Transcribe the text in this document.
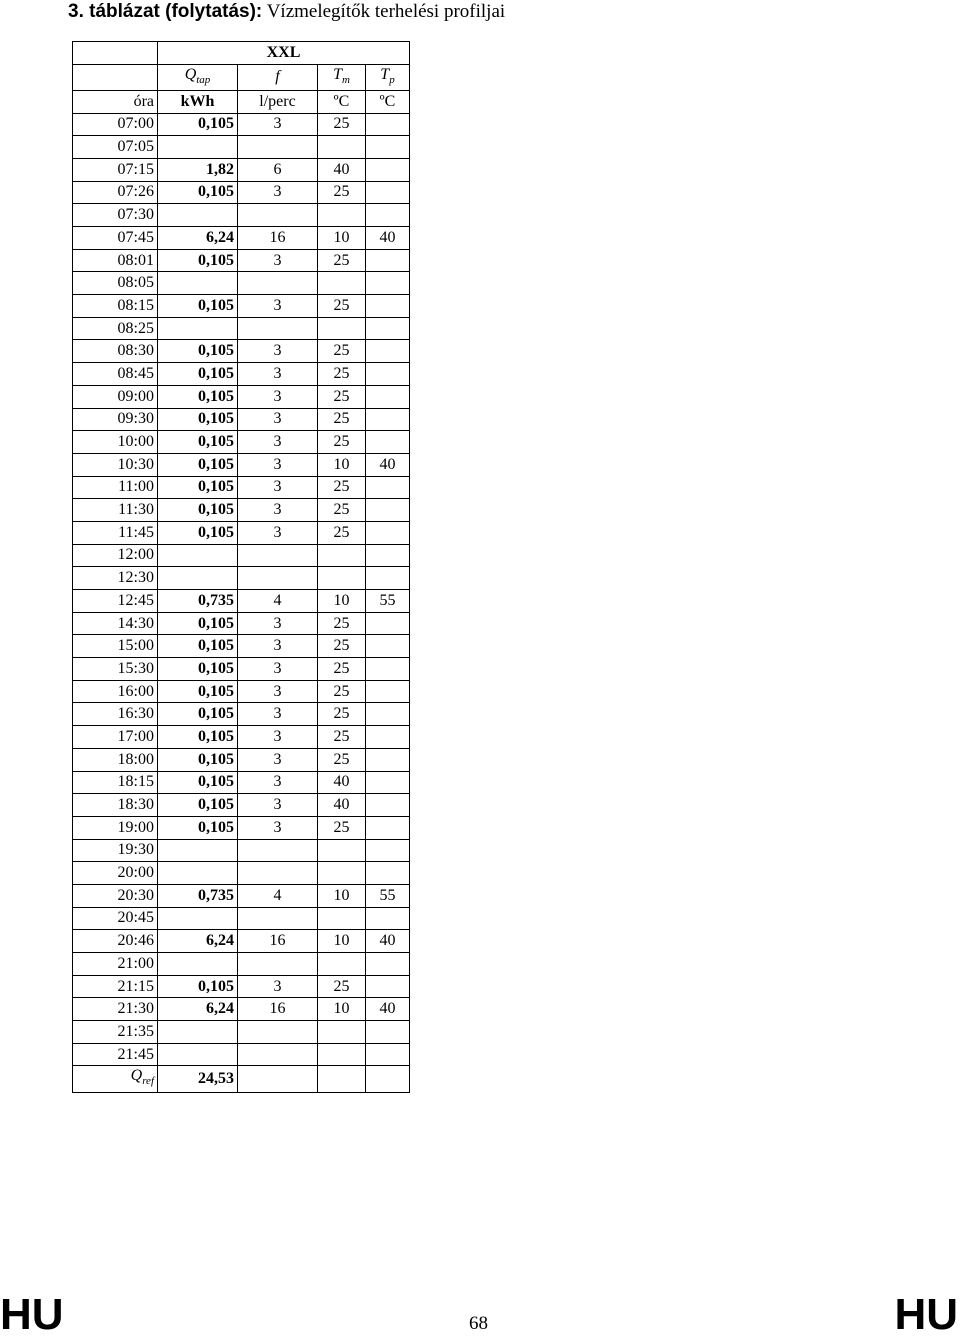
3. táblázat (folytatás): Vízmelegítők terhelési profiljai

	XXL			
	$Q_{tap}$	f	$T_m$	$T_p$
óra	kWh	l/perc	ºC	ºC
07:00	0,105	3	25	
07:05				
07:15	1,82	6	40	
07:26	0,105	3	25	
07:30				
07:45	6,24	16	10	40
08:01	0,105	3	25	
08:05				
08:15	0,105	3	25	
08:25				
08:30	0,105	3	25	
08:45	0,105	3	25	
09:00	0,105	3	25	
09:30	0,105	3	25	
10:00	0,105	3	25	
10:30	0,105	3	10	40
11:00	0,105	3	25	
11:30	0,105	3	25	
11:45	0,105	3	25	
12:00				
12:30				
12:45	0,735	4	10	55
14:30	0,105	3	25	
15:00	0,105	3	25	
15:30	0,105	3	25	
16:00	0,105	3	25	
16:30	0,105	3	25	
17:00	0,105	3	25	
18:00	0,105	3	25	
18:15	0,105	3	40	
18:30	0,105	3	40	
19:00	0,105	3	25	
19:30				
20:00				
20:30	0,735	4	10	55
20:45				
20:46	6,24	16	10	40
21:00				
21:15	0,105	3	25	
21:30	6,24	16	10	40
21:35				
21:45				
$Q_{ref}$	24,53			

HU	68	HU
